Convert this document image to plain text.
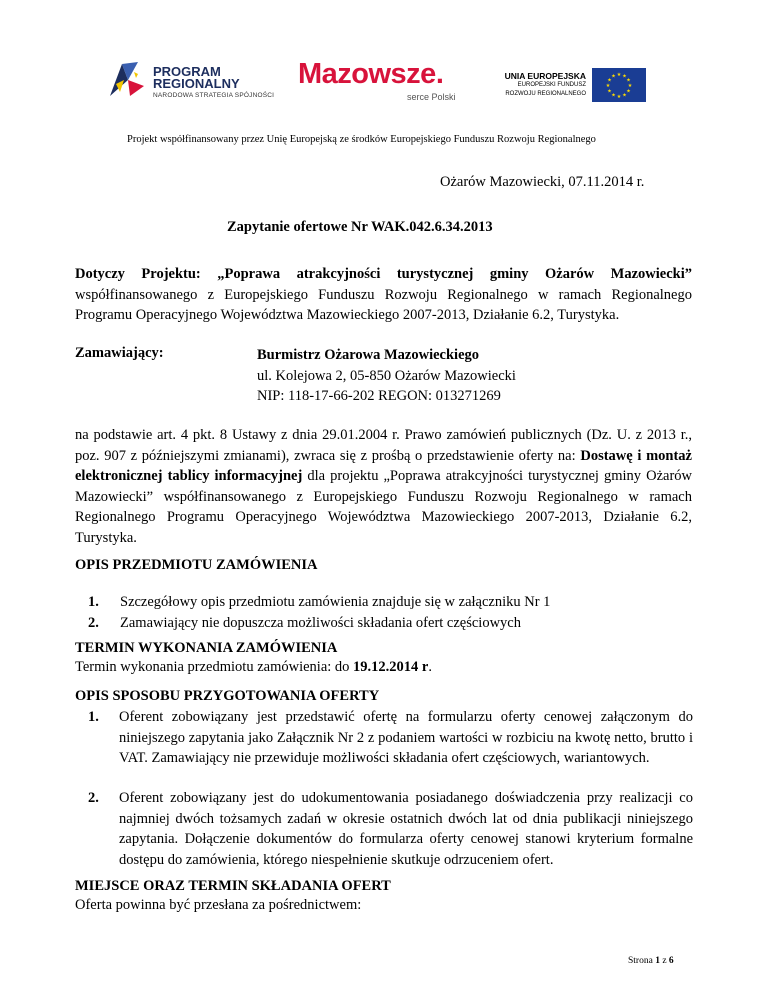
PROGRAM
REGIONALNY
NARODOWA STRATEGIA SPÓJNOŚCI
Mazowsze.
serce Polski
UNIA EUROPEJSKA
EUROPEJSKI FUNDUSZ
ROZWOJU REGIONALNEGO
★ ★
★
★
★
★
★
★
★
★
★
★
Projekt współfinansowany przez Unię Europejską ze środków Europejskiego Funduszu Rozwoju Regionalnego
Ożarów Mazowiecki, 07.11.2014 r.
Zapytanie ofertowe Nr WAK.042.6.34.2013
Dotyczy Projektu: „Poprawa atrakcyjności turystycznej gminy Ożarów Mazowiecki” współfinansowanego z Europejskiego Funduszu Rozwoju Regionalnego w ramach Regionalnego Programu Operacyjnego Województwa Mazowieckiego 2007-2013, Działanie 6.2, Turystyka.
Zamawiający:	Burmistrz Ożarowa Mazowieckiego
ul. Kolejowa 2, 05-850 Ożarów Mazowiecki
NIP: 118-17-66-202 REGON: 013271269
na podstawie art. 4 pkt. 8 Ustawy z dnia 29.01.2004 r. Prawo zamówień publicznych (Dz. U. z 2013 r., poz. 907 z późniejszymi zmianami), zwraca się z prośbą o przedstawienie oferty na: Dostawę i montaż elektronicznej tablicy informacyjnej dla projektu „Poprawa atrakcyjności turystycznej gminy Ożarów Mazowiecki” współfinansowanego z Europejskiego Funduszu Rozwoju Regionalnego w ramach Regionalnego Programu Operacyjnego Województwa Mazowieckiego 2007-2013, Działanie 6.2, Turystyka.
OPIS PRZEDMIOTU ZAMÓWIENIA
1. Szczegółowy opis przedmiotu zamówienia znajduje się w załączniku Nr 1
2. Zamawiający nie dopuszcza możliwości składania ofert częściowych
TERMIN WYKONANIA ZAMÓWIENIA
Termin wykonania przedmiotu zamówienia: do 19.12.2014 r.
OPIS SPOSOBU PRZYGOTOWANIA OFERTY
1. Oferent zobowiązany jest przedstawić ofertę na formularzu oferty cenowej załączonym do niniejszego zapytania jako Załącznik Nr 2 z podaniem wartości w rozbiciu na kwotę netto, brutto i VAT. Zamawiający nie przewiduje możliwości składania ofert częściowych, wariantowych.
2. Oferent zobowiązany jest do udokumentowania posiadanego doświadczenia przy realizacji co najmniej dwóch tożsamych zadań w okresie ostatnich dwóch lat od dnia publikacji niniejszego zapytania. Dołączenie dokumentów do formularza oferty cenowej stanowi kryterium formalne dostępu do zamówienia, którego niespełnienie skutkuje odrzuceniem ofert.
MIEJSCE ORAZ TERMIN SKŁADANIA OFERT
Oferta powinna być przesłana za pośrednictwem:
Strona 1 z 6
